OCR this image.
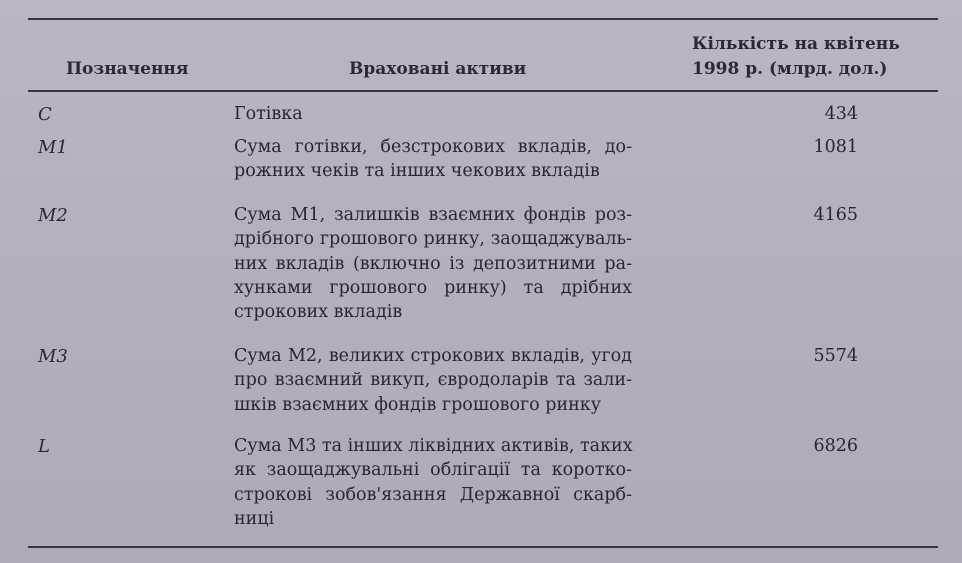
Позначення	Враховані активи
Кількість на квітень
1998 р. (млрд. дол.)
C	Готівка	434
M1	Сума готівки, безстрокових вкладів, до-
рожних чеків та інших чекових вкладів
1081
M2	Сума M1, залишків взаємних фондів роз-
дрібного грошового ринку, заощаджуваль-
них вкладів (включно із депозитними ра-
хунками грошового ринку) та дрібних
строкових вкладів
4165
M3	Сума M2, великих строкових вкладів, угод
про взаємний викуп, євродоларів та зали-
шків взаємних фондів грошового ринку
5574
L	Сума M3 та інших ліквідних активів, таких
як заощаджувальні облігації та коротко-
строкові зобов'язання Державної скарб-
ниці
6826
